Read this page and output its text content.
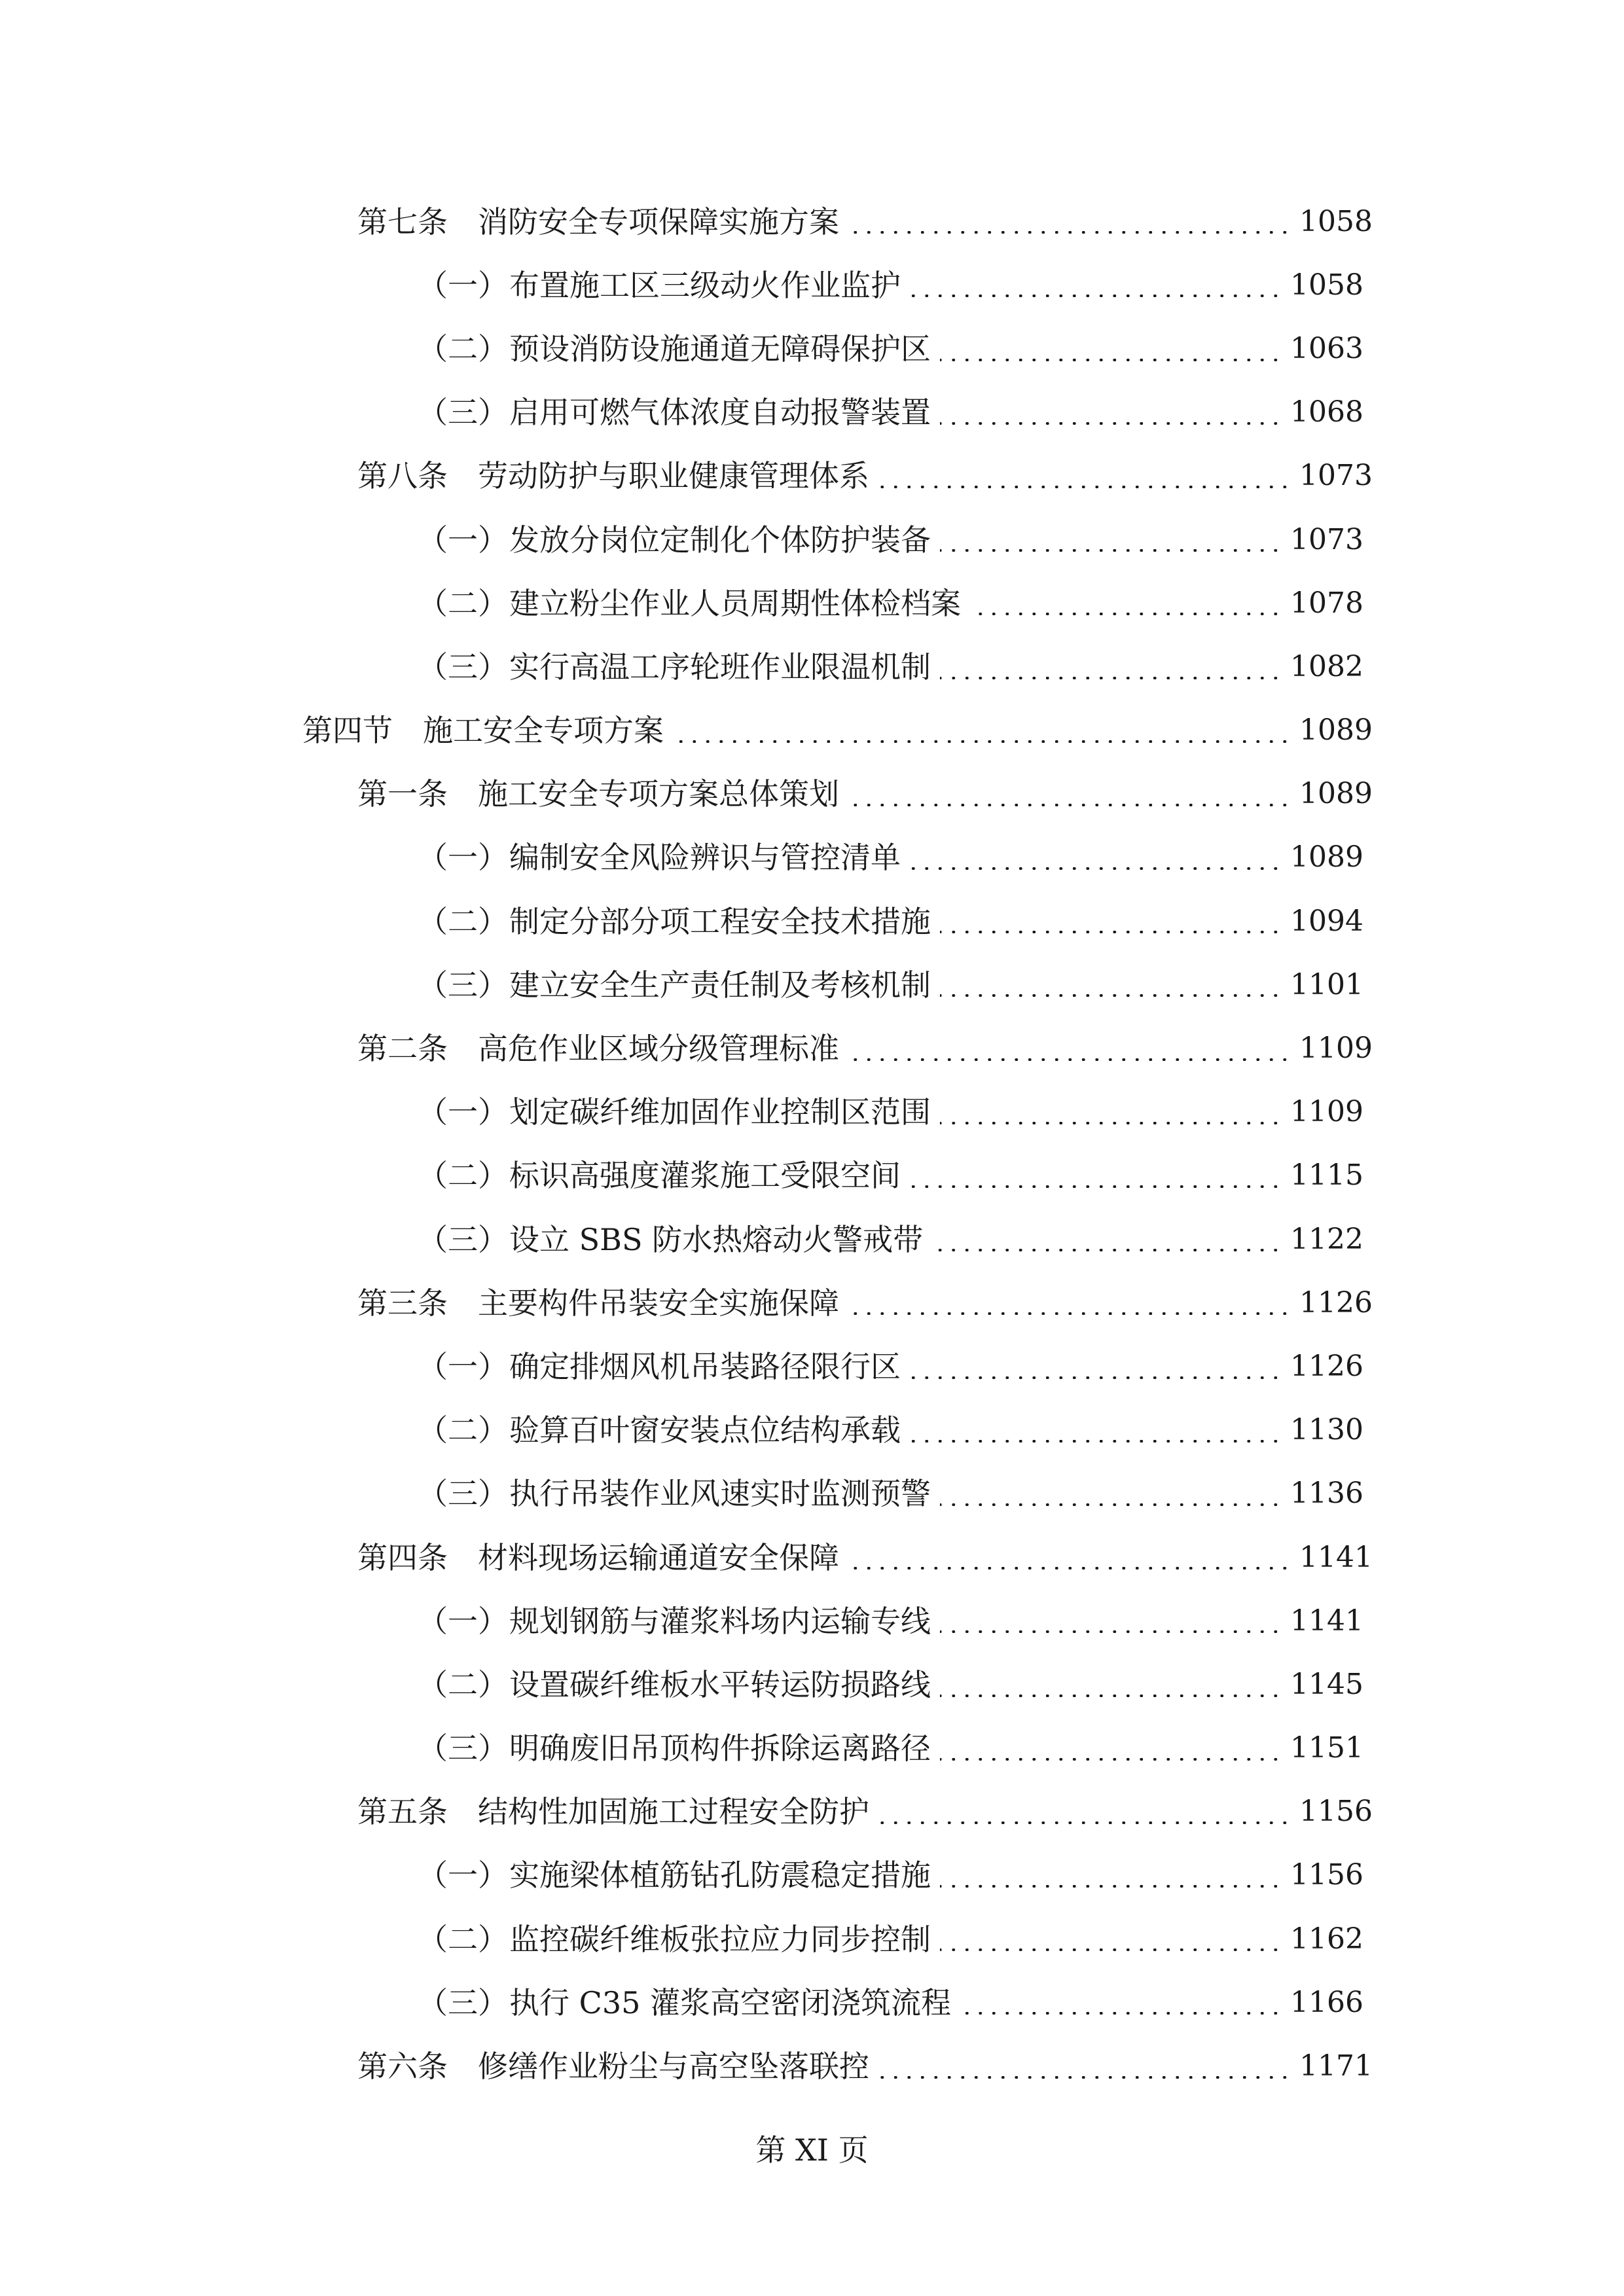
第七条 消防安全专项保障实施方案	1058
（一）布置施工区三级动火作业监护	1058
（二）预设消防设施通道无障碍保护区	1063
（三）启用可燃气体浓度自动报警装置	1068
第八条 劳动防护与职业健康管理体系	1073
（一）发放分岗位定制化个体防护装备	1073
（二）建立粉尘作业人员周期性体检档案	1078
（三）实行高温工序轮班作业限温机制	1082
第四节 施工安全专项方案	1089
第一条 施工安全专项方案总体策划	1089
（一）编制安全风险辨识与管控清单	1089
（二）制定分部分项工程安全技术措施	1094
（三）建立安全生产责任制及考核机制	1101
第二条 高危作业区域分级管理标准	1109
（一）划定碳纤维加固作业控制区范围	1109
（二）标识高强度灌浆施工受限空间	1115
（三）设立 SBS 防水热熔动火警戒带	1122
第三条 主要构件吊装安全实施保障	1126
（一）确定排烟风机吊装路径限行区	1126
（二）验算百叶窗安装点位结构承载	1130
（三）执行吊装作业风速实时监测预警	1136
第四条 材料现场运输通道安全保障	1141
（一）规划钢筋与灌浆料场内运输专线	1141
（二）设置碳纤维板水平转运防损路线	1145
（三）明确废旧吊顶构件拆除运离路径	1151
第五条 结构性加固施工过程安全防护	1156
（一）实施梁体植筋钻孔防震稳定措施	1156
（二）监控碳纤维板张拉应力同步控制	1162
（三）执行 C35 灌浆高空密闭浇筑流程	1166
第六条 修缮作业粉尘与高空坠落联控	1171
第 XI 页
